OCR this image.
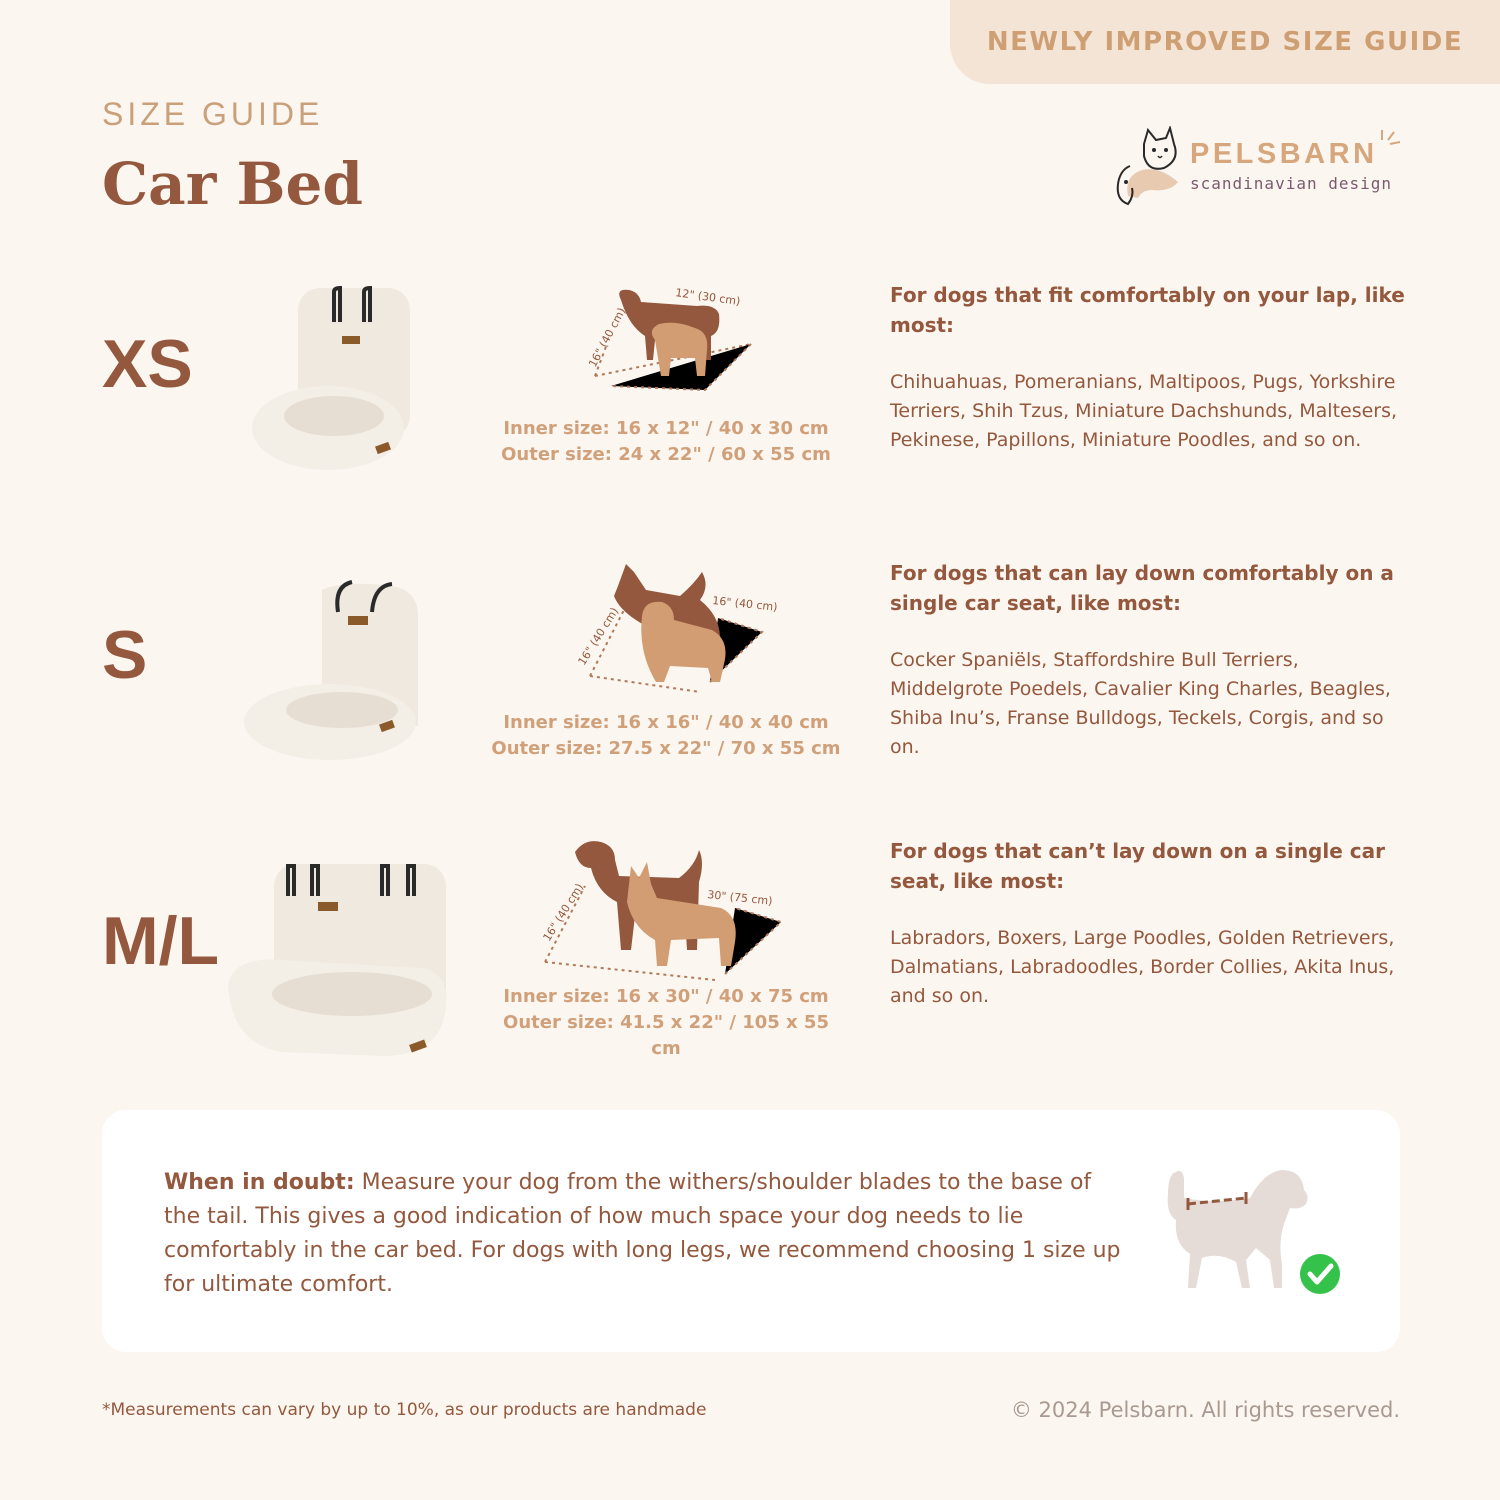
NEWLY IMPROVED SIZE GUIDE
SIZE GUIDE
Car Bed	PELSBARN
scandinavian design
XS
12" (30 cm)
16" (40 cm)
Inner size: 16 x 12" / 40 x 30 cm
Outer size: 24 x 22" / 60 x 55 cm
For dogs that fit comfortably on your lap, like most:
Chihuahuas, Pomeranians, Maltipoos, Pugs, Yorkshire Terriers, Shih Tzus, Miniature Dachshunds, Maltesers, Pekinese, Papillons, Miniature Poodles, and so on.
S
16" (40 cm)
16" (40 cm)
Inner size: 16 x 16" / 40 x 40 cm
Outer size: 27.5 x 22" / 70 x 55 cm
For dogs that can lay down comfortably on a single car seat, like most:
Cocker Spaniëls, Staffordshire Bull Terriers, Middelgrote Poedels, Cavalier King Charles, Beagles, Shiba Inu’s, Franse Bulldogs, Teckels, Corgis, and so on.
M/L
30" (75 cm)
16" (40 cm)
Inner size: 16 x 30" / 40 x 75 cm
Outer size: 41.5 x 22" / 105 x 55 cm
For dogs that can’t lay down on a single car seat, like most:
Labradors, Boxers, Large Poodles, Golden Retrievers, Dalmatians, Labradoodles, Border Collies, Akita Inus, and so on.
When in doubt: Measure your dog from the withers/shoulder blades to the base of the tail. This gives a good indication of how much space your dog needs to lie comfortably in the car bed. For dogs with long legs, we recommend choosing 1 size up for ultimate comfort.
*Measurements can vary by up to 10%, as our products are handmade	© 2024 Pelsbarn. All rights reserved.
